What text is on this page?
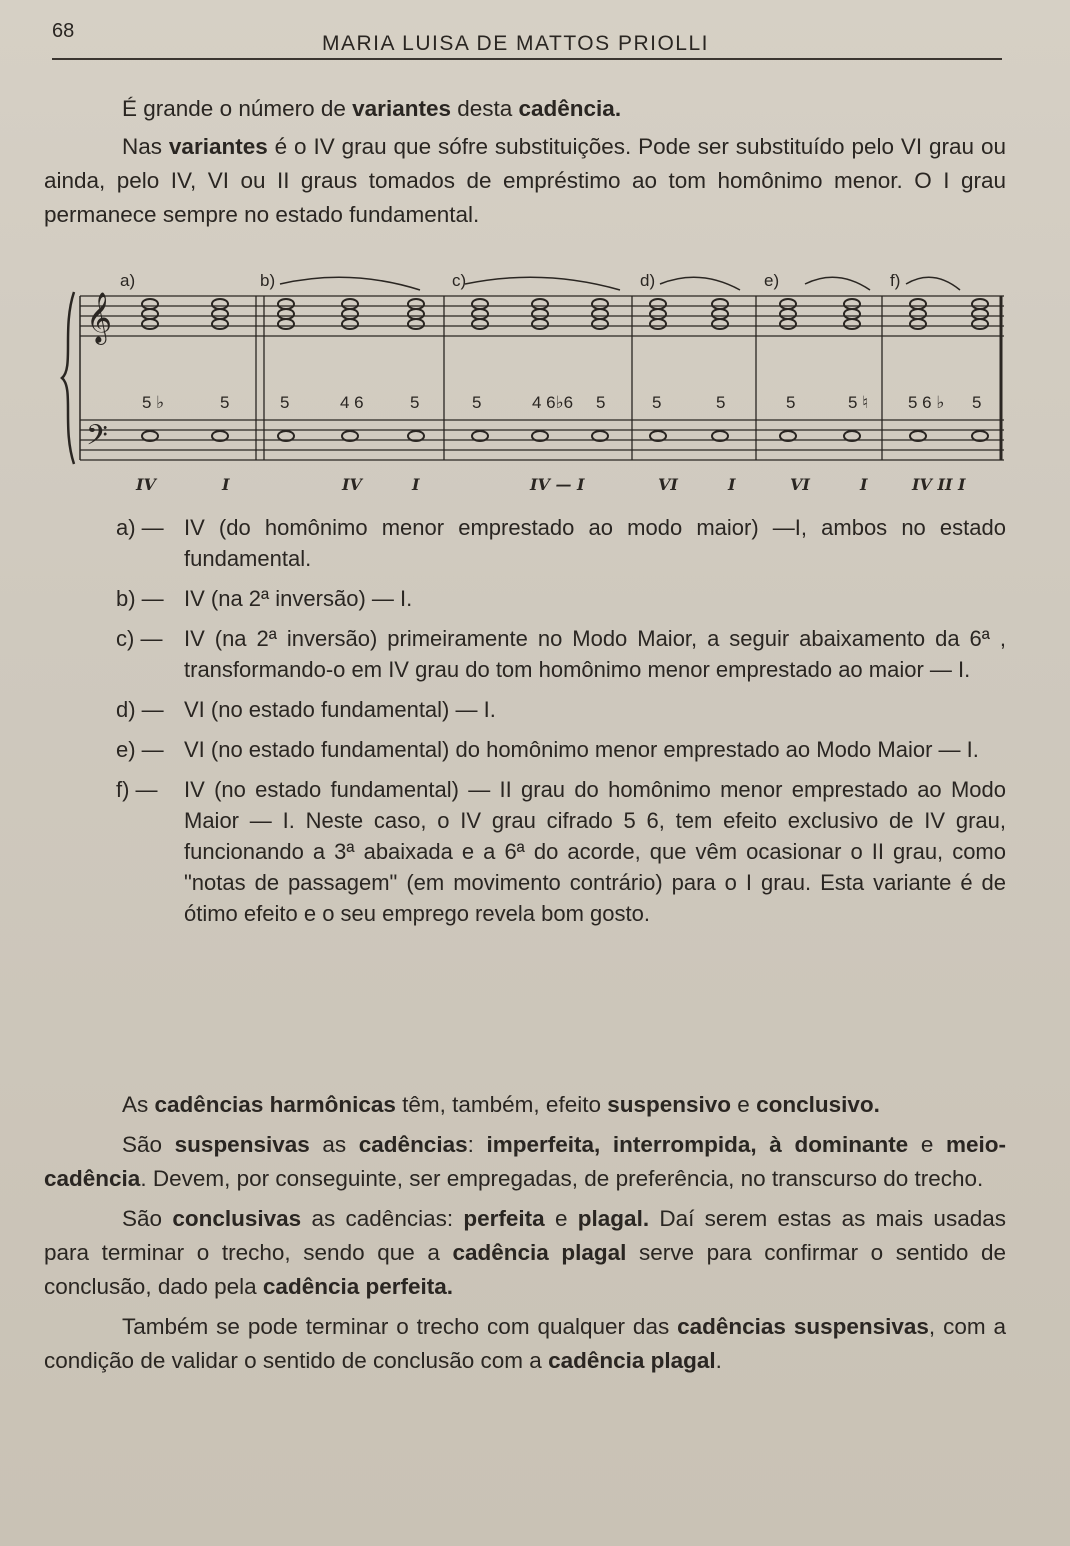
68
MARIA LUISA DE MATTOS PRIOLLI

É grande o número de variantes desta cadência.

Nas variantes é o IV grau que sófre substituições. Pode ser substituído pelo VI grau ou ainda, pelo IV, VI ou II graus tomados de empréstimo ao tom homônimo menor. O I grau permanece sempre no estado fundamental.

𝄞
𝄢
a)	b)	c)	d)	e)	f)
5 ♭	5	5	4 6	5	5	4 6♭6 5	5	5	5	5 ♮ 5 6 ♭ 5
IV	I	IV	I	IV — I	VI	I	VI	I	IV II I
a) — IV (do homônimo menor emprestado ao modo maior) —I, ambos no estado fundamental.
b) — IV (na 2ª inversão) — I.
c) — IV (na 2ª inversão) primeiramente no Modo Maior, a seguir abaixamento da 6ª , transformando-o em IV grau do tom homônimo menor emprestado ao maior — I.
d) — VI (no estado fundamental) — I.
e) — VI (no estado fundamental) do homônimo menor emprestado ao Modo Maior — I.
f) —	IV (no estado fundamental) — II grau do homônimo menor emprestado ao Modo Maior — I. Neste caso, o IV grau cifrado 5 6, tem efeito exclusivo de IV grau, funcionando a 3ª abaixada e a 6ª do acorde, que vêm ocasionar o II grau, como "notas de passagem" (em movimento contrário) para o I grau. Esta variante é de ótimo efeito e o seu emprego revela bom gosto.

As cadências harmônicas têm, também, efeito suspensivo e conclusivo.

São suspensivas as cadências: imperfeita, interrompida, à dominante e meio-cadência. Devem, por conseguinte, ser empregadas, de preferência, no transcurso do trecho.

São conclusivas as cadências: perfeita e plagal. Daí serem estas as mais usadas para terminar o trecho, sendo que a cadência plagal serve para confirmar o sentido de conclusão, dado pela cadência perfeita.

Também se pode terminar o trecho com qualquer das cadências suspensivas, com a condição de validar o sentido de conclusão com a cadência plagal.
